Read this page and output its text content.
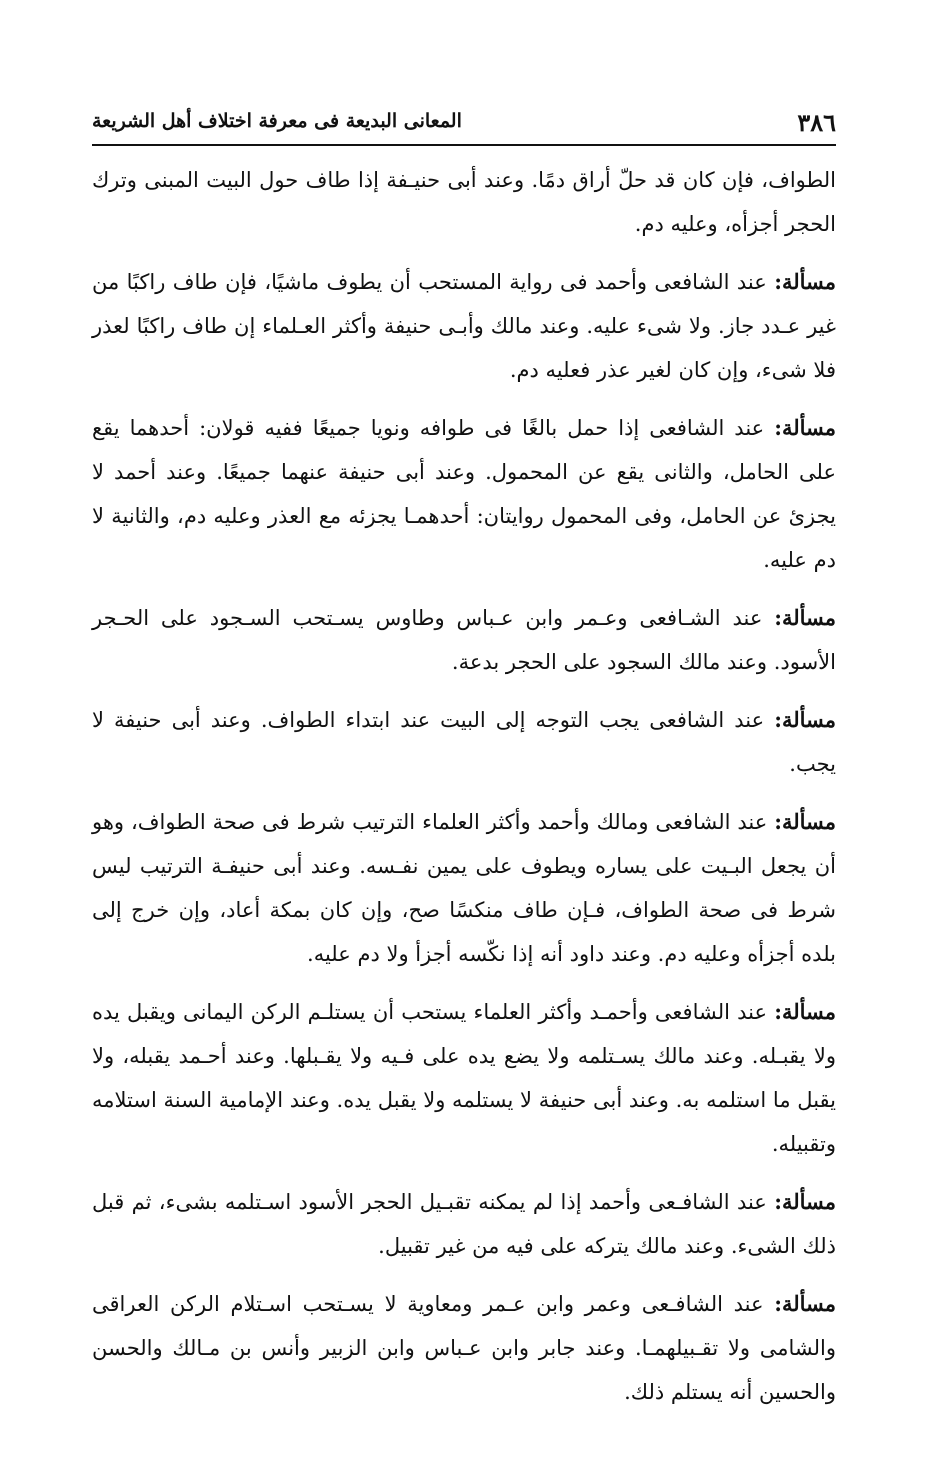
٣٨٦
المعانى البديعة فى معرفة اختلاف أهل الشريعة

الطواف، فإن كان قد حلّ أراق دمًا. وعند أبى حنيـفة إذا طاف حول البيت المبنى وترك الحجر أجزأه، وعليه دم.

مسألة: عند الشافعى وأحمد فى رواية المستحب أن يطوف ماشيًا، فإن طاف راكبًا من غير عـدد جاز. ولا شىء عليه. وعند مالك وأبـى حنيفة وأكثر العـلماء إن طاف راكبًا لعذر فلا شىء، وإن كان لغير عذر فعليه دم.

مسألة: عند الشافعى إذا حمل بالغًا فى طوافه ونويا جميعًا ففيه قولان: أحدهما يقع على الحامل، والثانى يقع عن المحمول. وعند أبى حنيفة عنهما جميعًا. وعند أحمد لا يجزئ عن الحامل، وفى المحمول روايتان: أحدهمـا يجزئه مع العذر وعليه دم، والثانية لا دم عليه.

مسألة: عند الشـافعى وعـمر وابن عـباس وطاوس يسـتحب السـجود على الحـجر الأسود. وعند مالك السجود على الحجر بدعة.

مسألة: عند الشافعى يجب التوجه إلى البيت عند ابتداء الطواف. وعند أبى حنيفة لا يجب.

مسألة: عند الشافعى ومالك وأحمد وأكثر العلماء الترتيب شرط فى صحة الطواف، وهو أن يجعل البـيت على يساره ويطوف على يمين نفـسه. وعند أبى حنيفـة الترتيب ليس شرط فى صحة الطواف، فـإن طاف منكسًا صح، وإن كان بمكة أعاد، وإن خرج إلى بلده أجزأه وعليه دم. وعند داود أنه إذا نكّسه أجزأ ولا دم عليه.

مسألة: عند الشافعى وأحمـد وأكثر العلماء يستحب أن يستلـم الركن اليمانى ويقبل يده ولا يقبـله. وعند مالك يسـتلمه ولا يضع يده على فـيه ولا يقـبلها. وعند أحـمد يقبله، ولا يقبل ما استلمه به. وعند أبى حنيفة لا يستلمه ولا يقبل يده. وعند الإمامية السنة استلامه وتقبيله.

مسألة: عند الشافـعى وأحمد إذا لم يمكنه تقبـيل الحجر الأسود اسـتلمه بشىء، ثم قبل ذلك الشىء. وعند مالك يتركه على فيه من غير تقبيل.

مسألة: عند الشافـعى وعمر وابن عـمر ومعاوية لا يسـتحب اسـتلام الركن العراقى والشامى ولا تقـبيلهمـا. وعند جابر وابن عـباس وابن الزبير وأنس بن مـالك والحسن والحسين أنه يستلم ذلك.
